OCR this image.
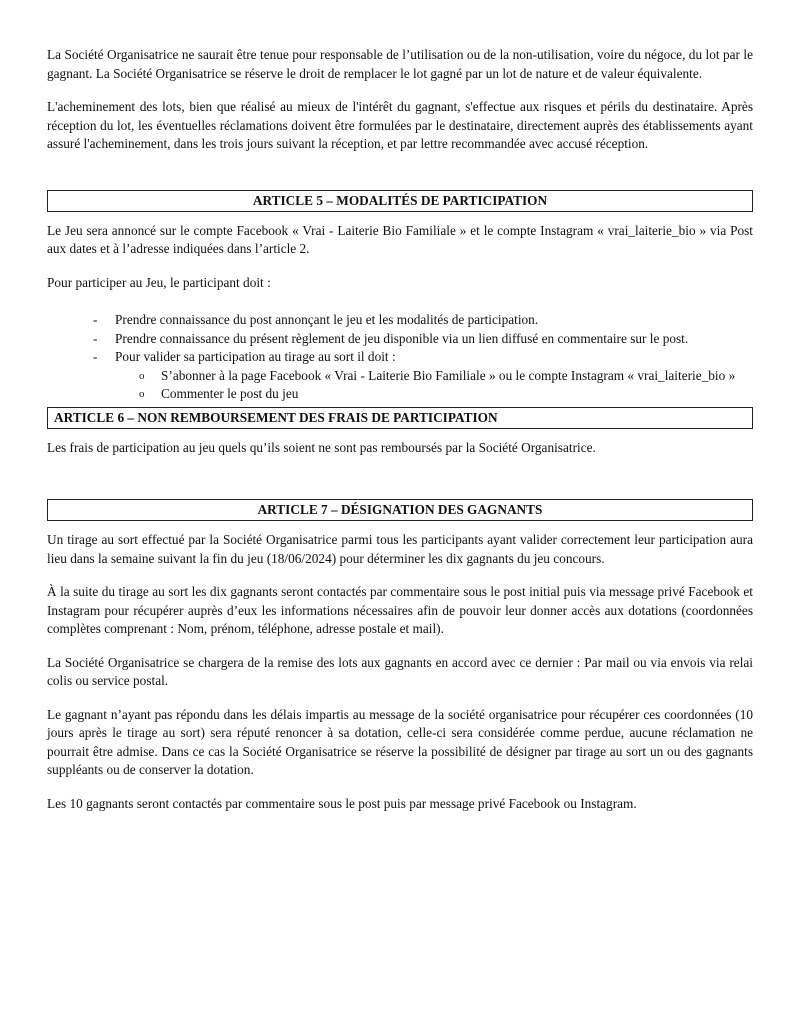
La Société Organisatrice ne saurait être tenue pour responsable de l’utilisation ou de la non-utilisation, voire du négoce, du lot par le gagnant. La Société Organisatrice se réserve le droit de remplacer le lot gagné par un lot de nature et de valeur équivalente.

L'acheminement des lots, bien que réalisé au mieux de l'intérêt du gagnant, s'effectue aux risques et périls du destinataire. Après réception du lot, les éventuelles réclamations doivent être formulées par le destinataire, directement auprès des établissements ayant assuré l'acheminement, dans les trois jours suivant la réception, et par lettre recommandée avec accusé réception.

ARTICLE 5 – MODALITÉS DE PARTICIPATION

Le Jeu sera annoncé sur le compte Facebook « Vrai - Laiterie Bio Familiale » et le compte Instagram « vrai_laiterie_bio » via Post aux dates et à l’adresse indiquées dans l’article 2.

Pour participer au Jeu, le participant doit :

-	Prendre connaissance du post annonçant le jeu et les modalités de participation.
-	Prendre connaissance du présent règlement de jeu disponible via un lien diffusé en commentaire sur le post.
-	Pour valider sa participation au tirage au sort il doit :
o S’abonner à la page Facebook « Vrai - Laiterie Bio Familiale » ou le compte Instagram « vrai_laiterie_bio »
o Commenter le post du jeu
ARTICLE 6 – NON REMBOURSEMENT DES FRAIS DE PARTICIPATION

Les frais de participation au jeu quels qu’ils soient ne sont pas remboursés par la Société Organisatrice.

ARTICLE 7 – DÉSIGNATION DES GAGNANTS

Un tirage au sort effectué par la Société Organisatrice parmi tous les participants ayant valider correctement leur participation aura lieu dans la semaine suivant la fin du jeu (18/06/2024) pour déterminer les dix gagnants du jeu concours.

À la suite du tirage au sort les dix gagnants seront contactés par commentaire sous le post initial puis via message privé Facebook et Instagram pour récupérer auprès d’eux les informations nécessaires afin de pouvoir leur donner accès aux dotations (coordonnées complètes comprenant : Nom, prénom, téléphone, adresse postale et mail).

La Société Organisatrice se chargera de la remise des lots aux gagnants en accord avec ce dernier : Par mail ou via envois via relai colis ou service postal.

Le gagnant n’ayant pas répondu dans les délais impartis au message de la société organisatrice pour récupérer ces coordonnées (10 jours après le tirage au sort) sera réputé renoncer à sa dotation, celle-ci sera considérée comme perdue, aucune réclamation ne pourrait être admise. Dans ce cas la Société Organisatrice se réserve la possibilité de désigner par tirage au sort un ou des gagnants suppléants ou de conserver la dotation.

Les 10 gagnants seront contactés par commentaire sous le post puis par message privé Facebook ou Instagram.
